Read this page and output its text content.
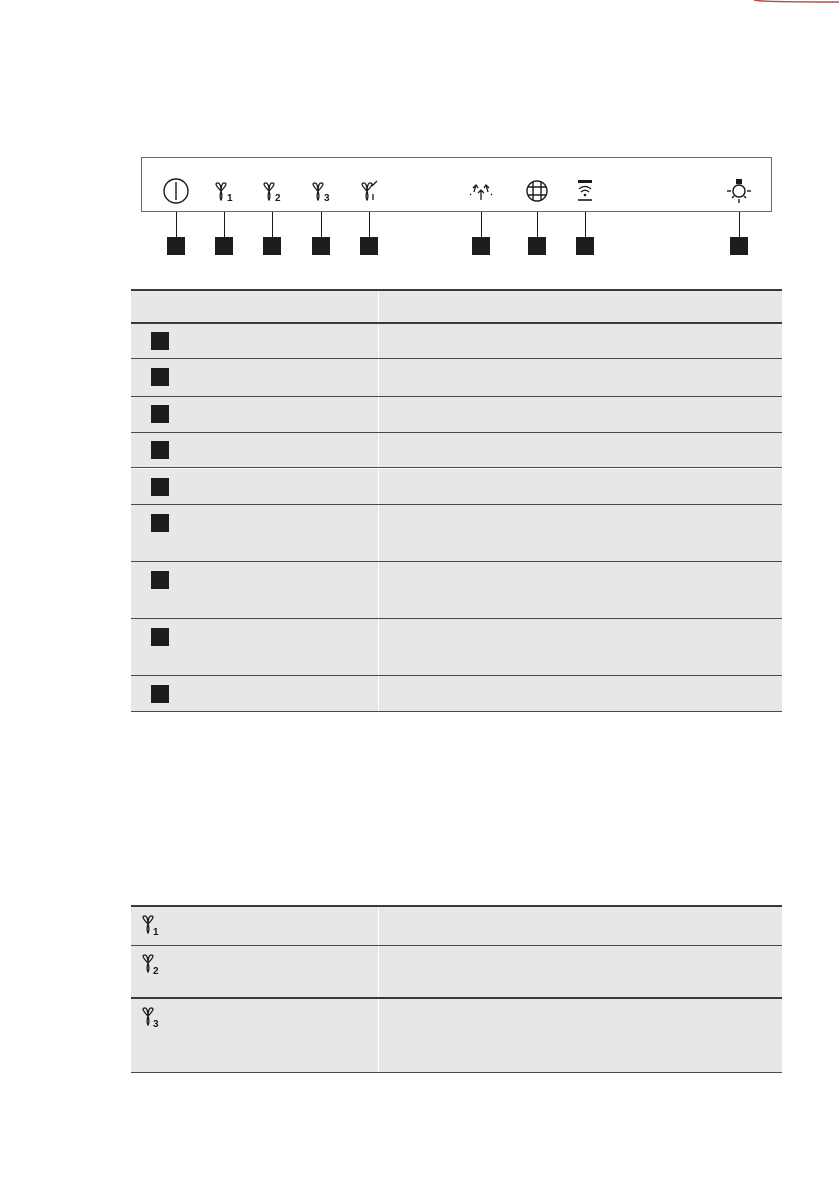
1	2	3
1
2
3
